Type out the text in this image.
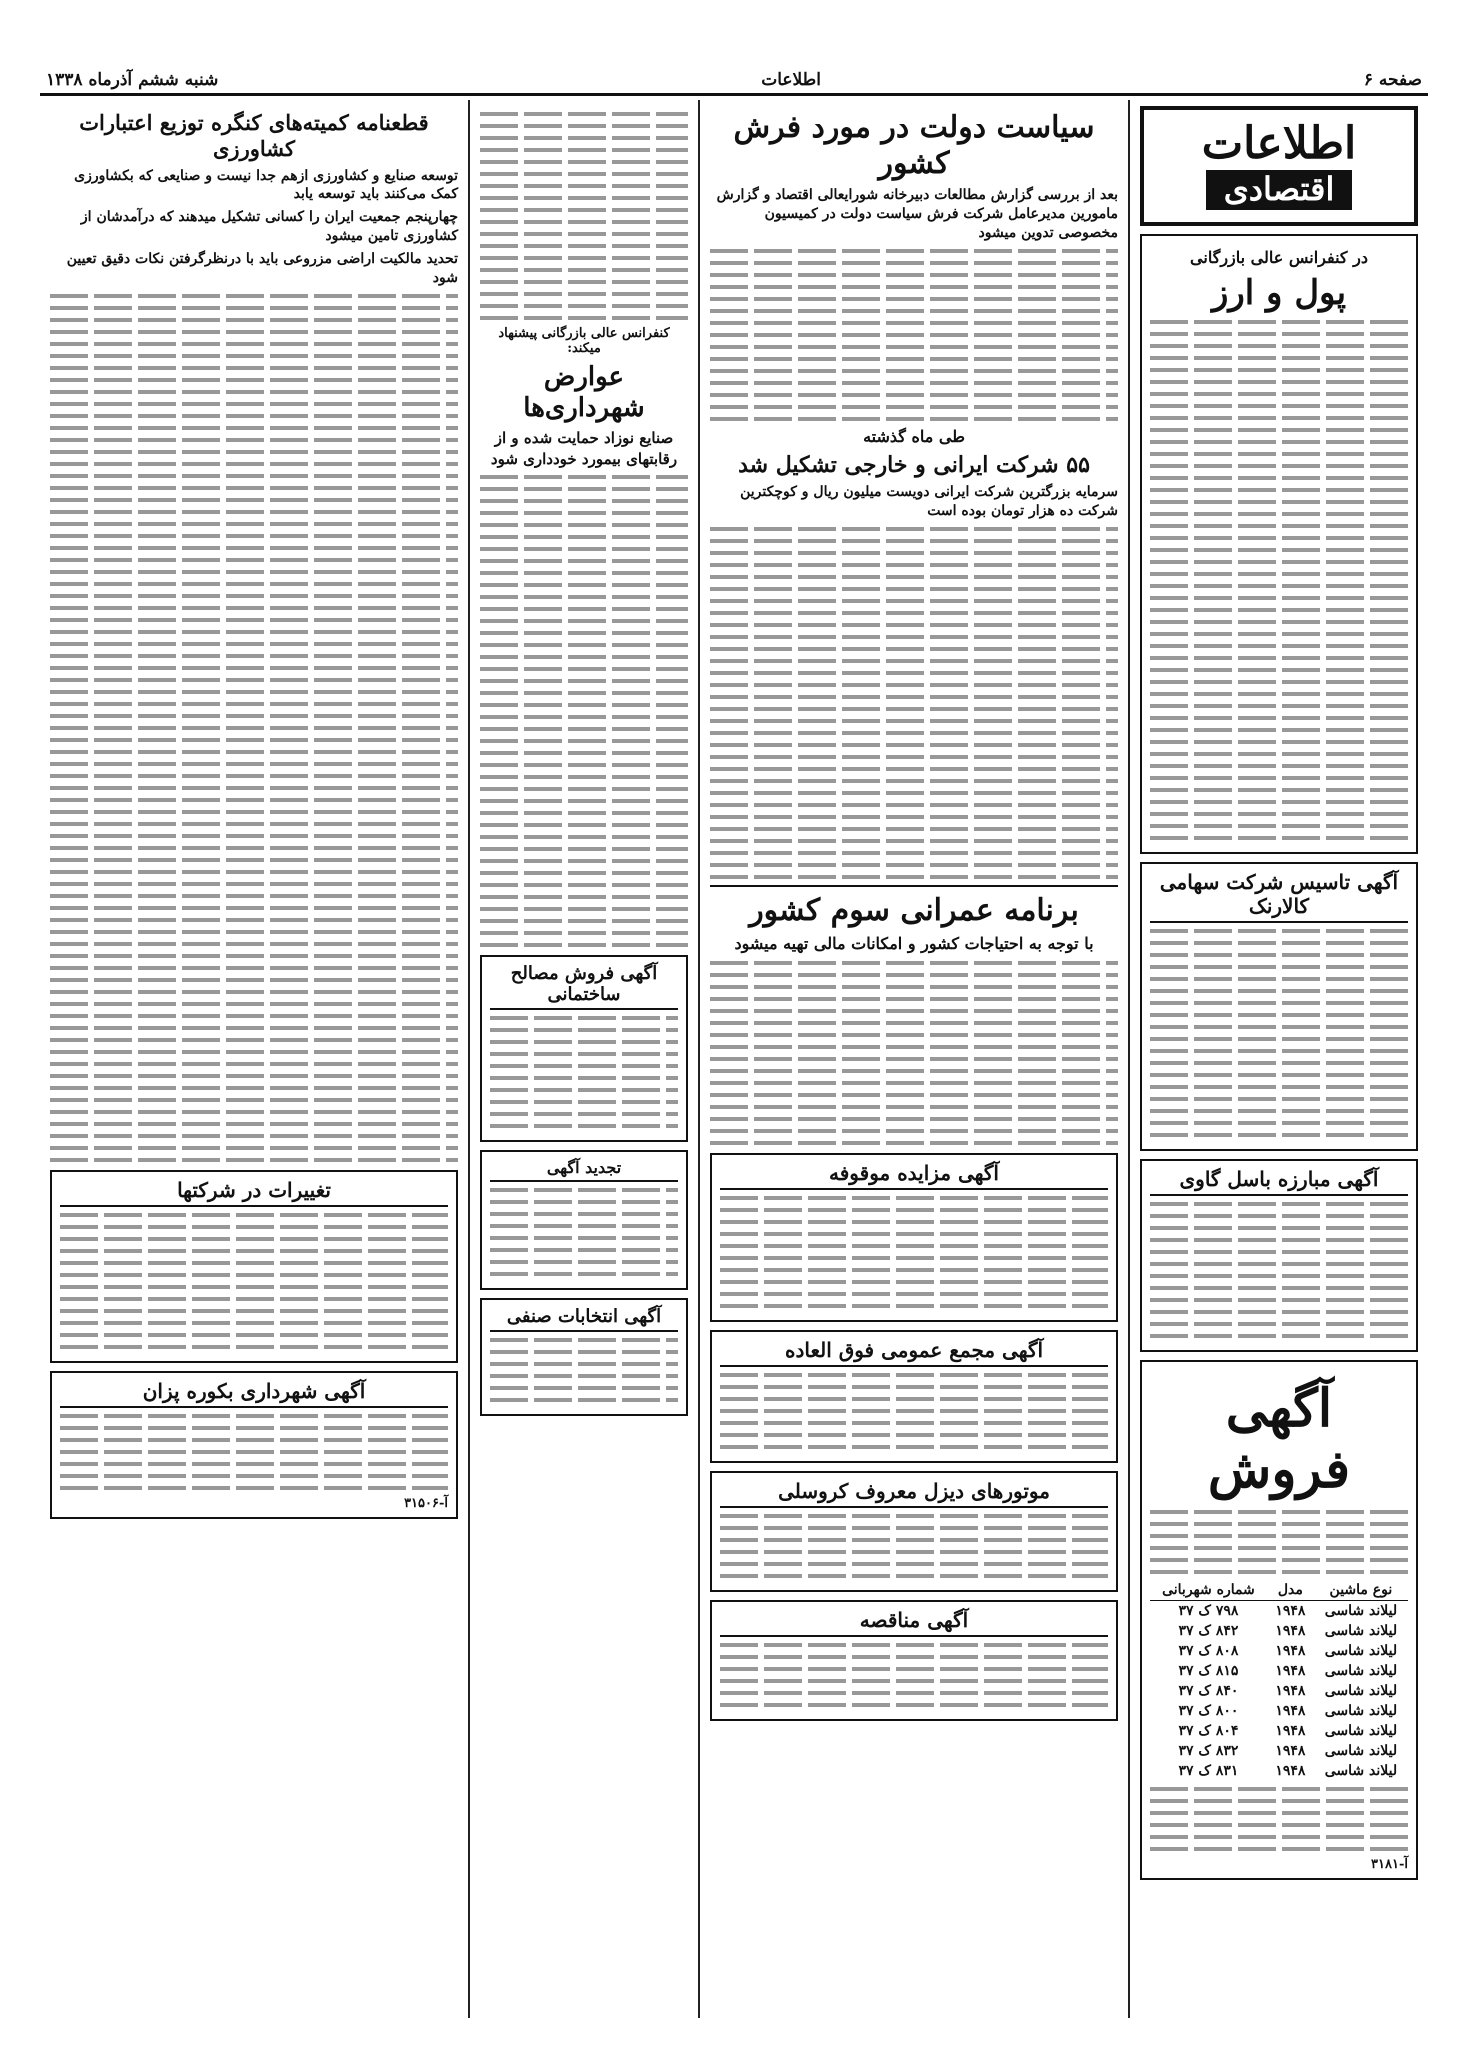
صفحه ۶
اطلاعات
شنبه ششم آذرماه ۱۳۳۸
اطلاعات
اقتصادی
در کنفرانس عالی بازرگانی
پول و ارز
آگهی تاسیس شرکت سهامی کالارنک
آگهی مبارزه باسل گاوی
آگهی فروش
نوع ماشین	مدل	شماره شهربانی
لیلاند شاسی	۱۹۴۸	۷۹۸ ک ۳۷
لیلاند شاسی	۱۹۴۸	۸۴۲ ک ۳۷
لیلاند شاسی	۱۹۴۸	۸۰۸ ک ۳۷
لیلاند شاسی	۱۹۴۸	۸۱۵ ک ۳۷
لیلاند شاسی	۱۹۴۸	۸۴۰ ک ۳۷
لیلاند شاسی	۱۹۴۸	۸۰۰ ک ۳۷
لیلاند شاسی	۱۹۴۸	۸۰۴ ک ۳۷
لیلاند شاسی	۱۹۴۸	۸۳۲ ک ۳۷
لیلاند شاسی	۱۹۴۸	۸۳۱ ک ۳۷
آ-۳۱۸۱
سیاست دولت در مورد فرش کشور
بعد از بررسی گزارش مطالعات دبیرخانه شورایعالی اقتصاد و گزارش مامورین مدیرعامل شرکت فرش سیاست دولت در کمیسیون مخصوصی تدوین میشود
طی ماه گذشته
۵۵ شرکت ایرانی و خارجی تشکیل شد
سرمایه بزرگترین شرکت ایرانی دویست میلیون ریال و کوچکترین شرکت ده هزار تومان بوده است
برنامه عمرانی سوم کشور
با توجه به احتیاجات کشور و امکانات مالی تهیه میشود
آگهی مزایده موقوفه
آگهی مجمع عمومی فوق العاده
موتورهای دیزل معروف کروسلی
آگهی مناقصه
کنفرانس عالی بازرگانی پیشنهاد میکند:
عوارض شهرداری‌ها
صنایع نوزاد حمایت شده و از رقابتهای بیمورد خودداری شود
آگهی فروش مصالح ساختمانی
تجدید آگهی
آگهی انتخابات صنفی
قطعنامه کمیته‌های کنگره توزیع اعتبارات کشاورزی
توسعه صنایع و کشاورزی ازهم جدا نیست و صنایعی که بکشاورزی کمک می‌کنند باید توسعه یابد
چهارپنجم جمعیت ایران را کسانی تشکیل میدهند که درآمدشان از کشاورزی تامین میشود
تحدید مالکیت اراضی مزروعی باید با درنظرگرفتن نکات دقیق تعیین شود
تغییرات در شرکتها
آگهی شهرداری بکوره پزان
آ-۳۱۵۰۶
